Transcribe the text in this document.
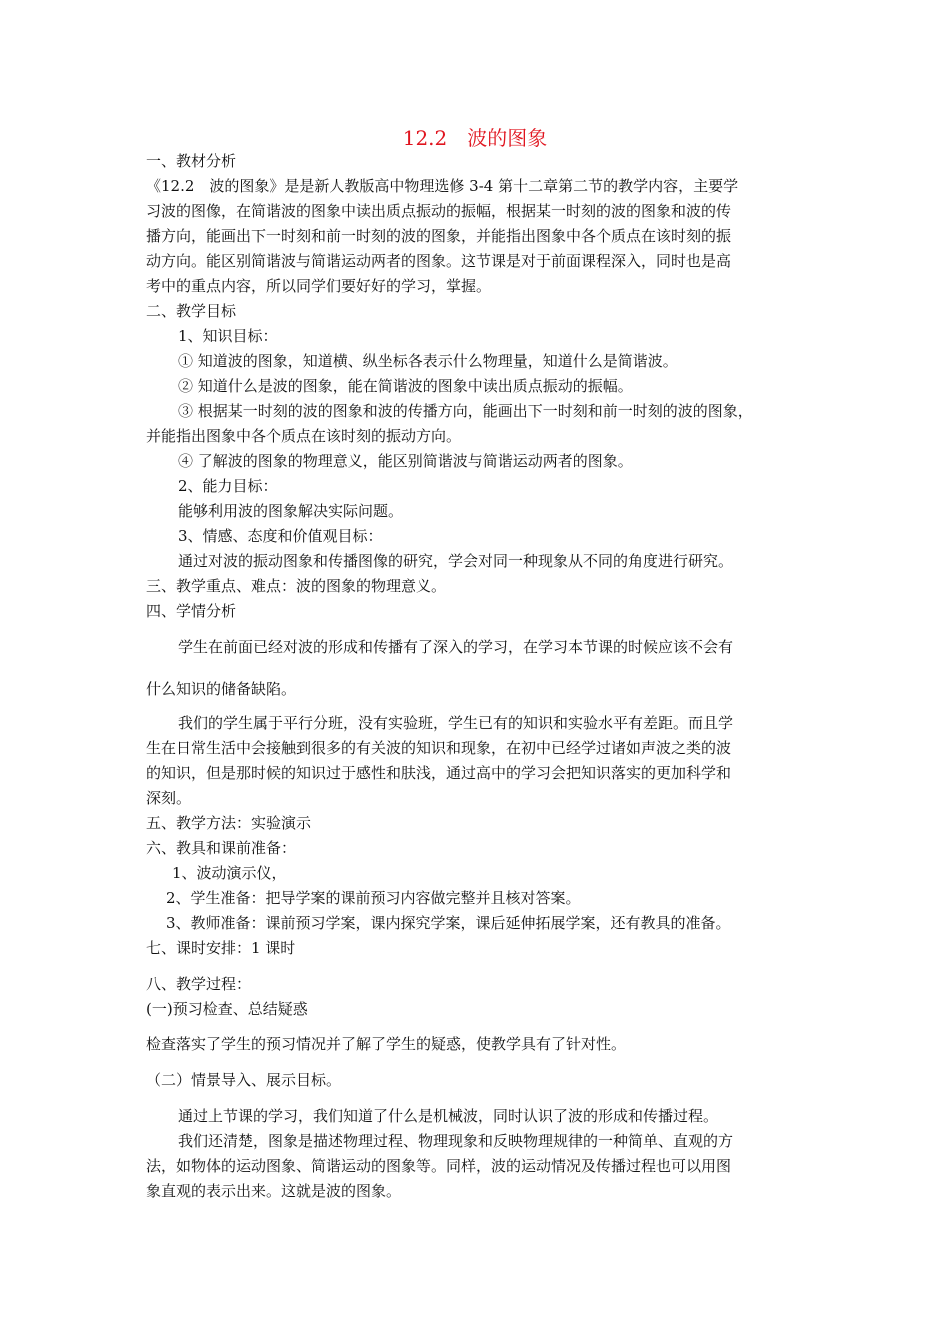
12.2　波的图象

一、教材分析

《12.2　波的图象》是是新人教版高中物理选修 3-4 第十二章第二节的教学内容，主要学

习波的图像，在简谐波的图象中读出质点振动的振幅，根据某一时刻的波的图象和波的传

播方向，能画出下一时刻和前一时刻的波的图象，并能指出图象中各个质点在该时刻的振

动方向。能区别简谐波与简谐运动两者的图象。这节课是对于前面课程深入，同时也是高

考中的重点内容，所以同学们要好好的学习，掌握。

二、教学目标

1、知识目标：

① 知道波的图象，知道横、纵坐标各表示什么物理量，知道什么是简谐波。

② 知道什么是波的图象，能在简谐波的图象中读出质点振动的振幅。

③ 根据某一时刻的波的图象和波的传播方向，能画出下一时刻和前一时刻的波的图象，

并能指出图象中各个质点在该时刻的振动方向。

④ 了解波的图象的物理意义，能区别简谐波与简谐运动两者的图象。

2、能力目标：

能够利用波的图象解决实际问题。

3、情感、态度和价值观目标：

通过对波的振动图象和传播图像的研究，学会对同一种现象从不同的角度进行研究。

三、教学重点、难点：波的图象的物理意义。

四、学情分析

学生在前面已经对波的形成和传播有了深入的学习，在学习本节课的时候应该不会有

什么知识的储备缺陷。

我们的学生属于平行分班，没有实验班，学生已有的知识和实验水平有差距。而且学

生在日常生活中会接触到很多的有关波的知识和现象，在初中已经学过诸如声波之类的波

的知识，但是那时候的知识过于感性和肤浅，通过高中的学习会把知识落实的更加科学和

深刻。

五、教学方法：实验演示

六、教具和课前准备：

1、波动演示仪，

2、学生准备：把导学案的课前预习内容做完整并且核对答案。

3、教师准备：课前预习学案，课内探究学案，课后延伸拓展学案，还有教具的准备。

七、课时安排：1 课时

八、教学过程：

(一)预习检查、总结疑惑

检查落实了学生的预习情况并了解了学生的疑惑，使教学具有了针对性。

（二）情景导入、展示目标。

通过上节课的学习，我们知道了什么是机械波，同时认识了波的形成和传播过程。

我们还清楚，图象是描述物理过程、物理现象和反映物理规律的一种简单、直观的方

法，如物体的运动图象、简谐运动的图象等。同样，波的运动情况及传播过程也可以用图

象直观的表示出来。这就是波的图象。
